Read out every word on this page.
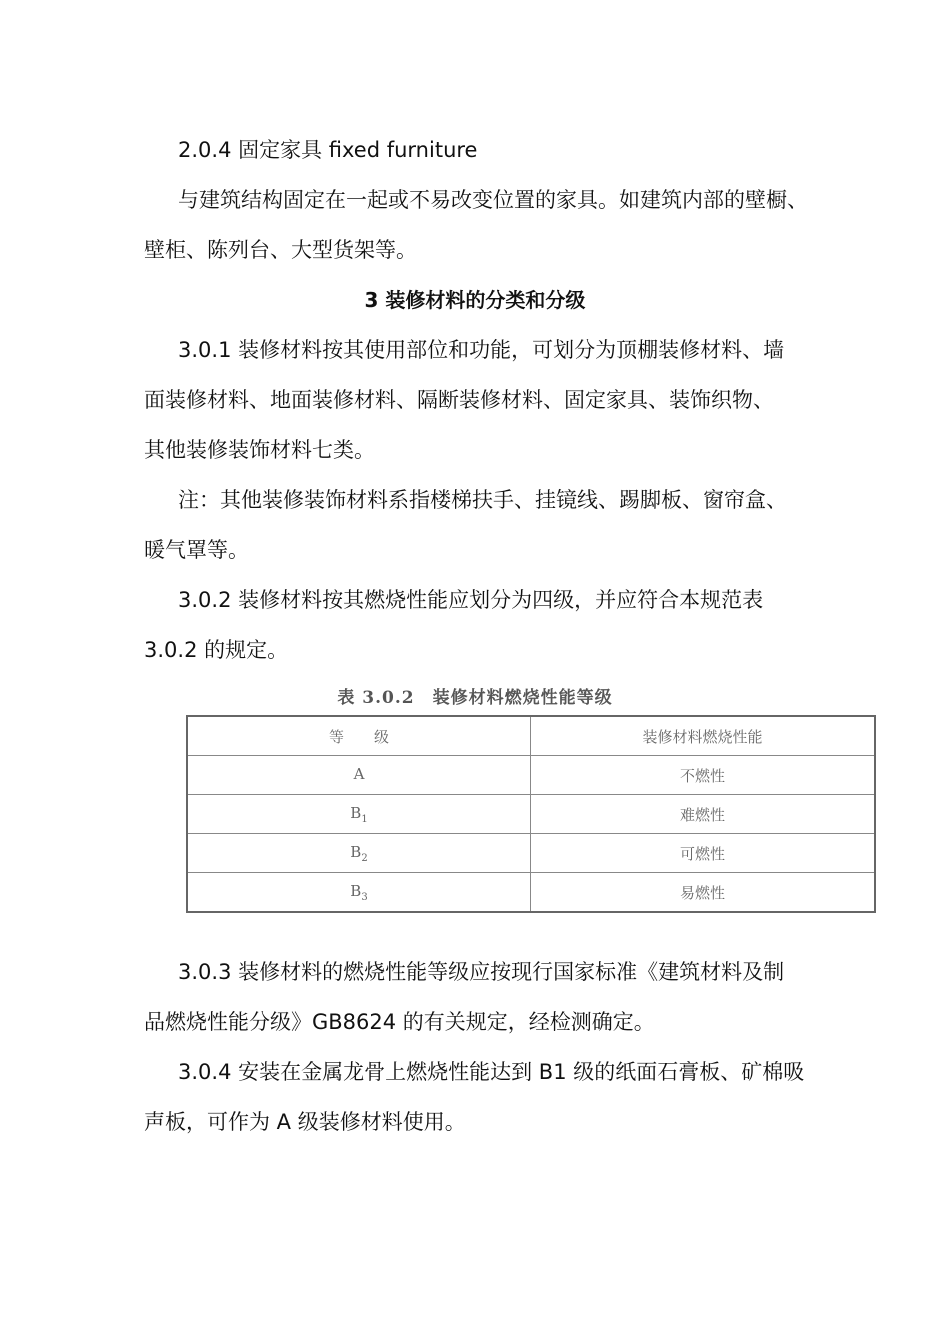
2.0.4 固定家具 fixed furniture
与建筑结构固定在一起或不易改变位置的家具。如建筑内部的壁橱、
壁柜、陈列台、大型货架等。
3 装修材料的分类和分级
3.0.1 装修材料按其使用部位和功能，可划分为顶棚装修材料、墙
面装修材料、地面装修材料、隔断装修材料、固定家具、装饰织物、
其他装修装饰材料七类。
注：其他装修装饰材料系指楼梯扶手、挂镜线、踢脚板、窗帘盒、
暖气罩等。
3.0.2 装修材料按其燃烧性能应划分为四级，并应符合本规范表
3.0.2 的规定。
表 3.0.2 装修材料燃烧性能等级
等　　级	装修材料燃烧性能
A	不燃性
$B_1$	难燃性
$B_2$	可燃性
$B_3$	易燃性
3.0.3 装修材料的燃烧性能等级应按现行国家标准《建筑材料及制
品燃烧性能分级》GB8624 的有关规定，经检测确定。
3.0.4 安装在金属龙骨上燃烧性能达到 B1 级的纸面石膏板、矿棉吸
声板，可作为 A 级装修材料使用。
